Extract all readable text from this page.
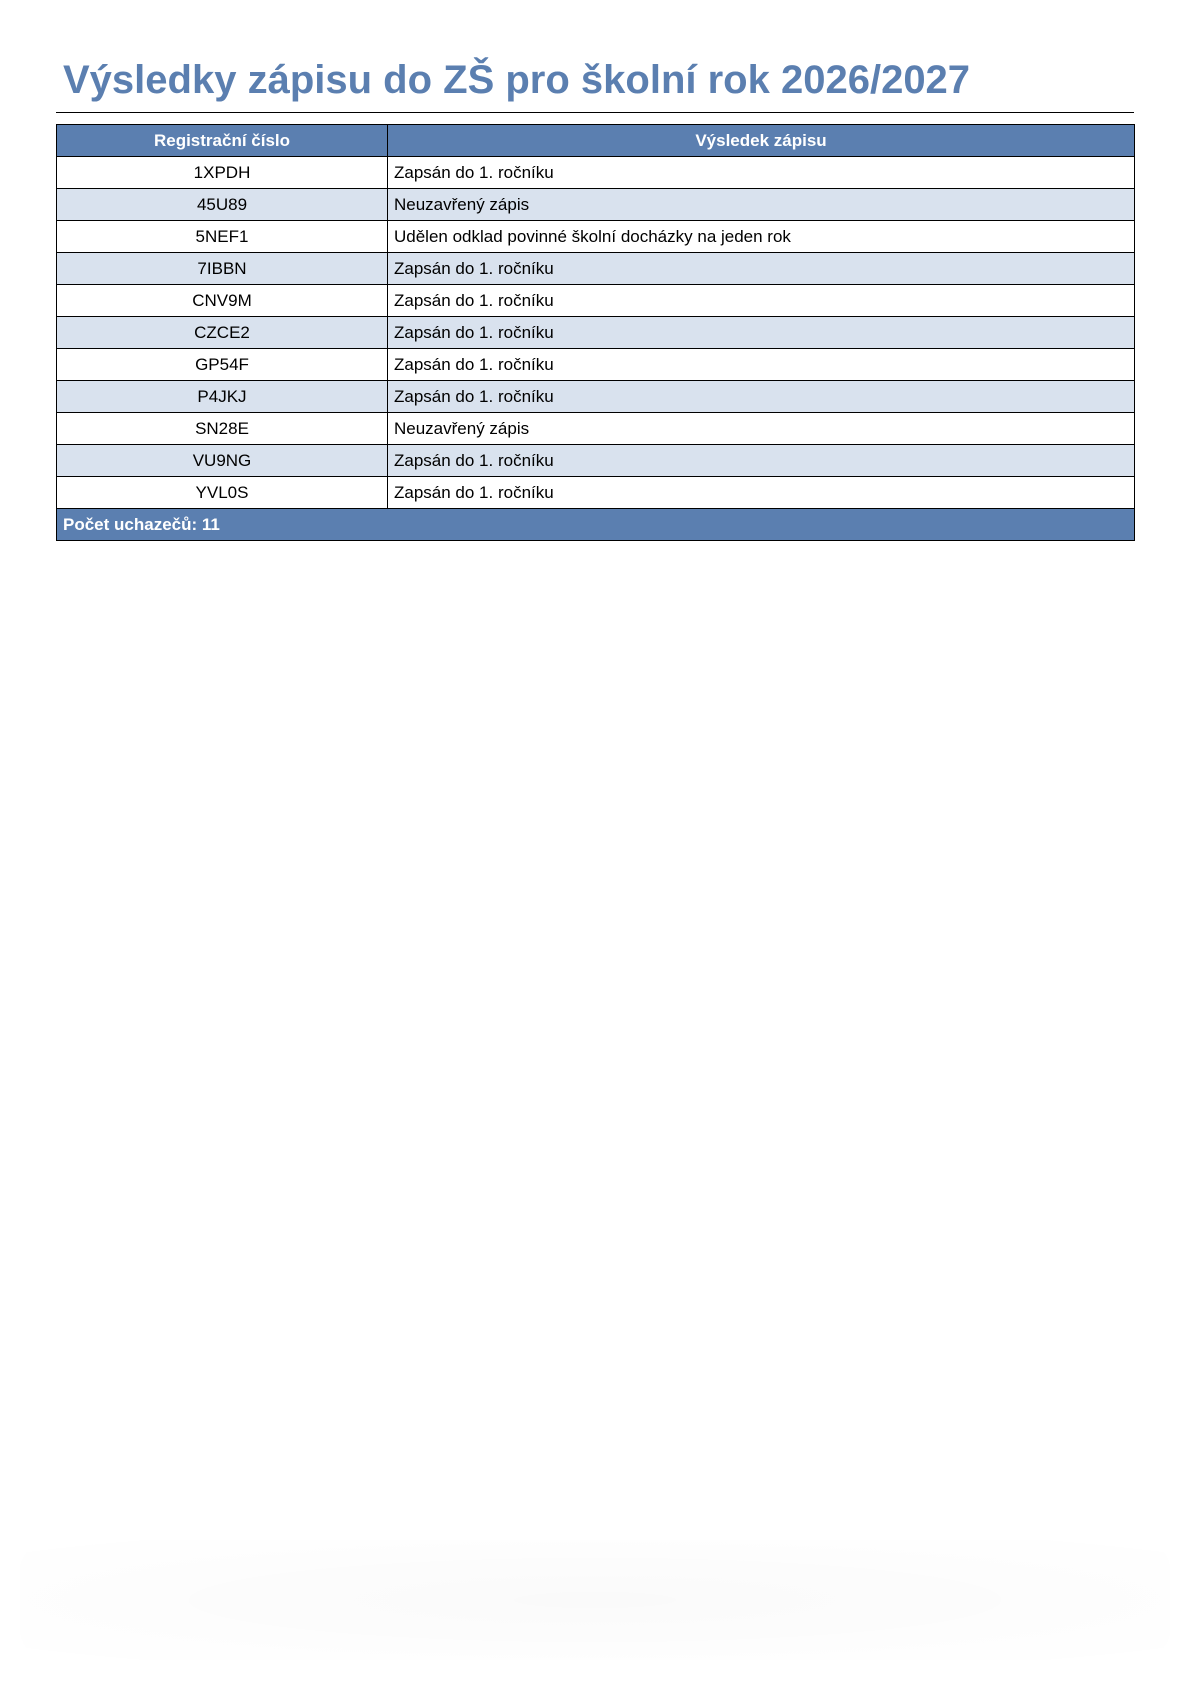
Výsledky zápisu do ZŠ pro školní rok 2026/2027
Registrační číslo	Výsledek zápisu
1XPDH	Zapsán do 1. ročníku
45U89	Neuzavřený zápis
5NEF1	Udělen odklad povinné školní docházky na jeden rok
7IBBN	Zapsán do 1. ročníku
CNV9M	Zapsán do 1. ročníku
CZCE2	Zapsán do 1. ročníku
GP54F	Zapsán do 1. ročníku
P4JKJ	Zapsán do 1. ročníku
SN28E	Neuzavřený zápis
VU9NG	Zapsán do 1. ročníku
YVL0S	Zapsán do 1. ročníku
Počet uchazečů: 11	
